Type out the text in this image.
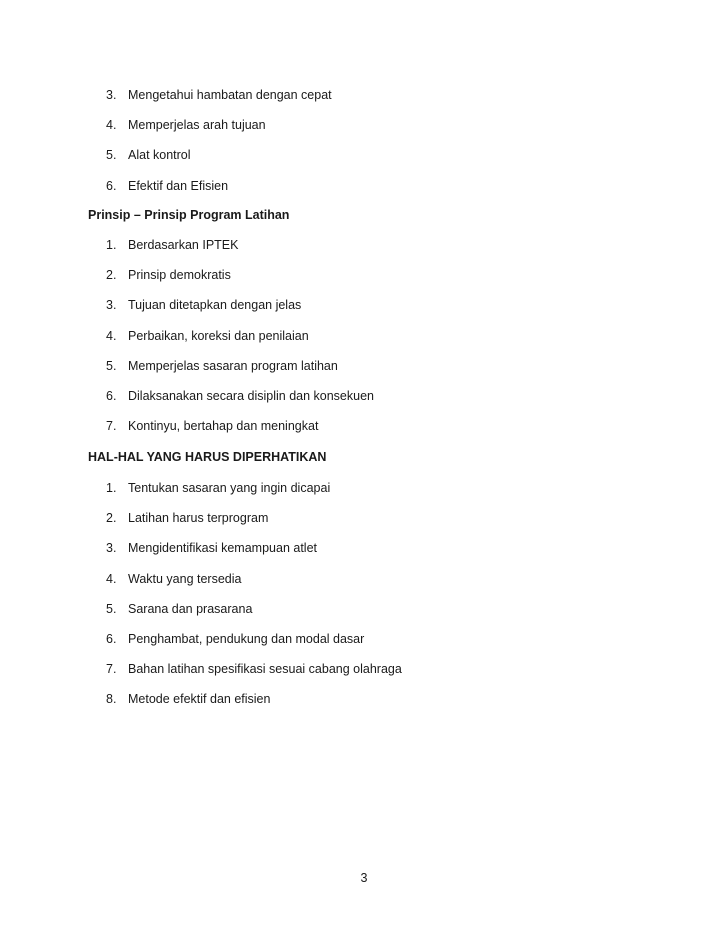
3. Mengetahui hambatan dengan cepat
4. Memperjelas arah tujuan
5. Alat kontrol
6. Efektif dan Efisien
Prinsip – Prinsip Program Latihan
1. Berdasarkan IPTEK
2. Prinsip demokratis
3. Tujuan ditetapkan dengan jelas
4. Perbaikan, koreksi dan penilaian
5. Memperjelas sasaran program latihan
6. Dilaksanakan secara disiplin dan konsekuen
7. Kontinyu, bertahap dan meningkat
HAL-HAL YANG HARUS DIPERHATIKAN
1. Tentukan sasaran yang ingin dicapai
2. Latihan harus terprogram
3. Mengidentifikasi kemampuan atlet
4. Waktu yang tersedia
5. Sarana dan prasarana
6. Penghambat, pendukung dan modal dasar
7. Bahan latihan spesifikasi sesuai cabang olahraga
8. Metode efektif dan efisien
3
